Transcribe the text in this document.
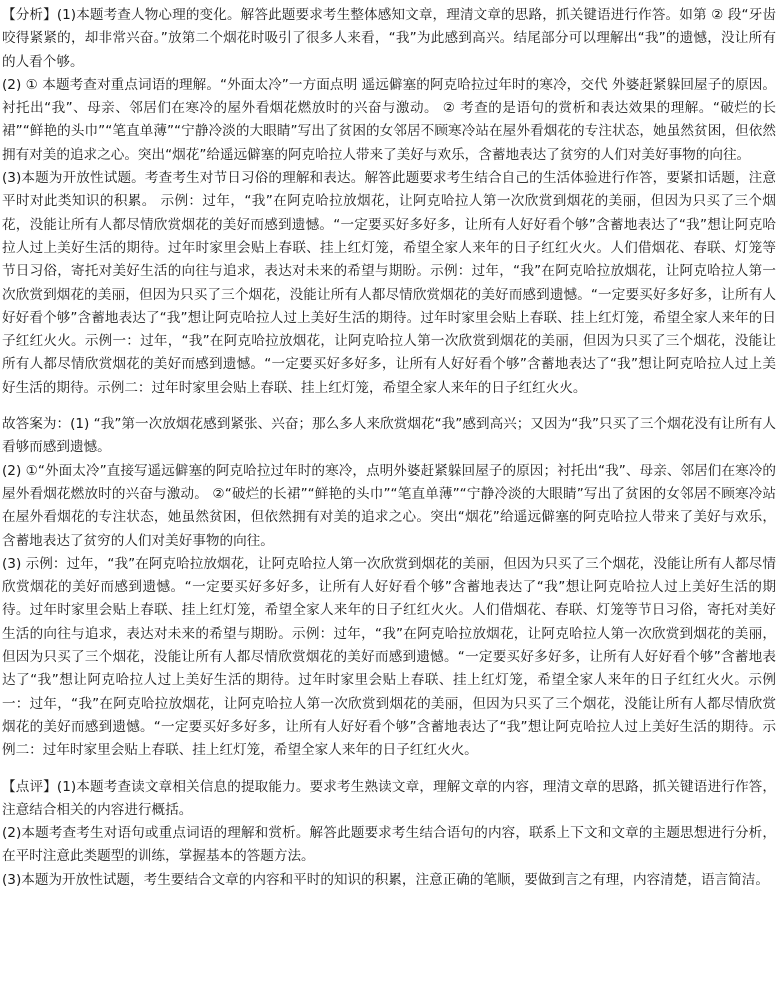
【分析】(1)本题考查人物心理的变化。解答此题要求考生整体感知文章，理清文章的思路，抓关键语进行作答。如第 ② 段“牙齿咬得紧紧的，却非常兴奋。”放第二个烟花时吸引了很多人来看，“我”为此感到高兴。结尾部分可以理解出“我”的遗憾，没让所有的人看个够。

(2) ① 本题考查对重点词语的理解。“外面太冷”一方面点明 遥远僻塞的阿克哈拉过年时的寒冷，交代 外婆赶紧躲回屋子的原因。 衬托出“我”、母亲、邻居们在寒冷的屋外看烟花燃放时的兴奋与激动。 ② 考查的是语句的赏析和表达效果的理解。“破烂的长裙”“鲜艳的头巾”“笔直单薄”“宁静冷淡的大眼睛”写出了贫困的女邻居不顾寒冷站在屋外看烟花的专注状态，她虽然贫困，但依然拥有对美的追求之心。突出“烟花”给遥远僻塞的阿克哈拉人带来了美好与欢乐，含蓄地表达了贫穷的人们对美好事物的向往。

(3)本题为开放性试题。考查考生对节日习俗的理解和表达。解答此题要求考生结合自己的生活体验进行作答，要紧扣话题，注意平时对此类知识的积累。 示例：过年，“我”在阿克哈拉放烟花，让阿克哈拉人第一次欣赏到烟花的美丽，但因为只买了三个烟花，没能让所有人都尽情欣赏烟花的美好而感到遗憾。“一定要买好多好多，让所有人好好看个够”含蓄地表达了“我”想让阿克哈拉人过上美好生活的期待。过年时家里会贴上春联、挂上红灯笼，希望全家人来年的日子红红火火。人们借烟花、春联、灯笼等节日习俗，寄托对美好生活的向往与追求，表达对未来的希望与期盼。示例：过年，“我”在阿克哈拉放烟花，让阿克哈拉人第一次欣赏到烟花的美丽，但因为只买了三个烟花，没能让所有人都尽情欣赏烟花的美好而感到遗憾。“一定要买好多好多，让所有人好好看个够”含蓄地表达了“我”想让阿克哈拉人过上美好生活的期待。过年时家里会贴上春联、挂上红灯笼，希望全家人来年的日子红红火火。示例一：过年，“我”在阿克哈拉放烟花，让阿克哈拉人第一次欣赏到烟花的美丽，但因为只买了三个烟花，没能让所有人都尽情欣赏烟花的美好而感到遗憾。“一定要买好多好多，让所有人好好看个够”含蓄地表达了“我”想让阿克哈拉人过上美好生活的期待。示例二：过年时家里会贴上春联、挂上红灯笼，希望全家人来年的日子红红火火。

故答案为：(1) “我”第一次放烟花感到紧张、兴奋；那么多人来欣赏烟花“我”感到高兴；又因为“我”只买了三个烟花没有让所有人看够而感到遗憾。

(2) ①“外面太冷”直接写遥远僻塞的阿克哈拉过年时的寒冷，点明外婆赶紧躲回屋子的原因；衬托出“我”、母亲、邻居们在寒冷的屋外看烟花燃放时的兴奋与激动。 ②“破烂的长裙”“鲜艳的头巾”“笔直单薄”“宁静冷淡的大眼睛”写出了贫困的女邻居不顾寒冷站在屋外看烟花的专注状态，她虽然贫困，但依然拥有对美的追求之心。突出“烟花”给遥远僻塞的阿克哈拉人带来了美好与欢乐，含蓄地表达了贫穷的人们对美好事物的向往。

(3) 示例：过年，“我”在阿克哈拉放烟花，让阿克哈拉人第一次欣赏到烟花的美丽，但因为只买了三个烟花，没能让所有人都尽情欣赏烟花的美好而感到遗憾。“一定要买好多好多，让所有人好好看个够”含蓄地表达了“我”想让阿克哈拉人过上美好生活的期待。过年时家里会贴上春联、挂上红灯笼，希望全家人来年的日子红红火火。人们借烟花、春联、灯笼等节日习俗，寄托对美好生活的向往与追求，表达对未来的希望与期盼。示例：过年，“我”在阿克哈拉放烟花，让阿克哈拉人第一次欣赏到烟花的美丽，但因为只买了三个烟花，没能让所有人都尽情欣赏烟花的美好而感到遗憾。“一定要买好多好多，让所有人好好看个够”含蓄地表达了“我”想让阿克哈拉人过上美好生活的期待。过年时家里会贴上春联、挂上红灯笼，希望全家人来年的日子红红火火。示例一：过年，“我”在阿克哈拉放烟花，让阿克哈拉人第一次欣赏到烟花的美丽，但因为只买了三个烟花，没能让所有人都尽情欣赏烟花的美好而感到遗憾。“一定要买好多好多，让所有人好好看个够”含蓄地表达了“我”想让阿克哈拉人过上美好生活的期待。示例二：过年时家里会贴上春联、挂上红灯笼，希望全家人来年的日子红红火火。

【点评】(1)本题考查读文章相关信息的提取能力。要求考生熟读文章，理解文章的内容，理清文章的思路，抓关键语进行作答，注意结合相关的内容进行概括。

(2)本题考查考生对语句或重点词语的理解和赏析。解答此题要求考生结合语句的内容，联系上下文和文章的主题思想进行分析，在平时注意此类题型的训练，掌握基本的答题方法。

(3)本题为开放性试题，考生要结合文章的内容和平时的知识的积累，注意正确的笔顺，要做到言之有理，内容清楚，语言简洁。
